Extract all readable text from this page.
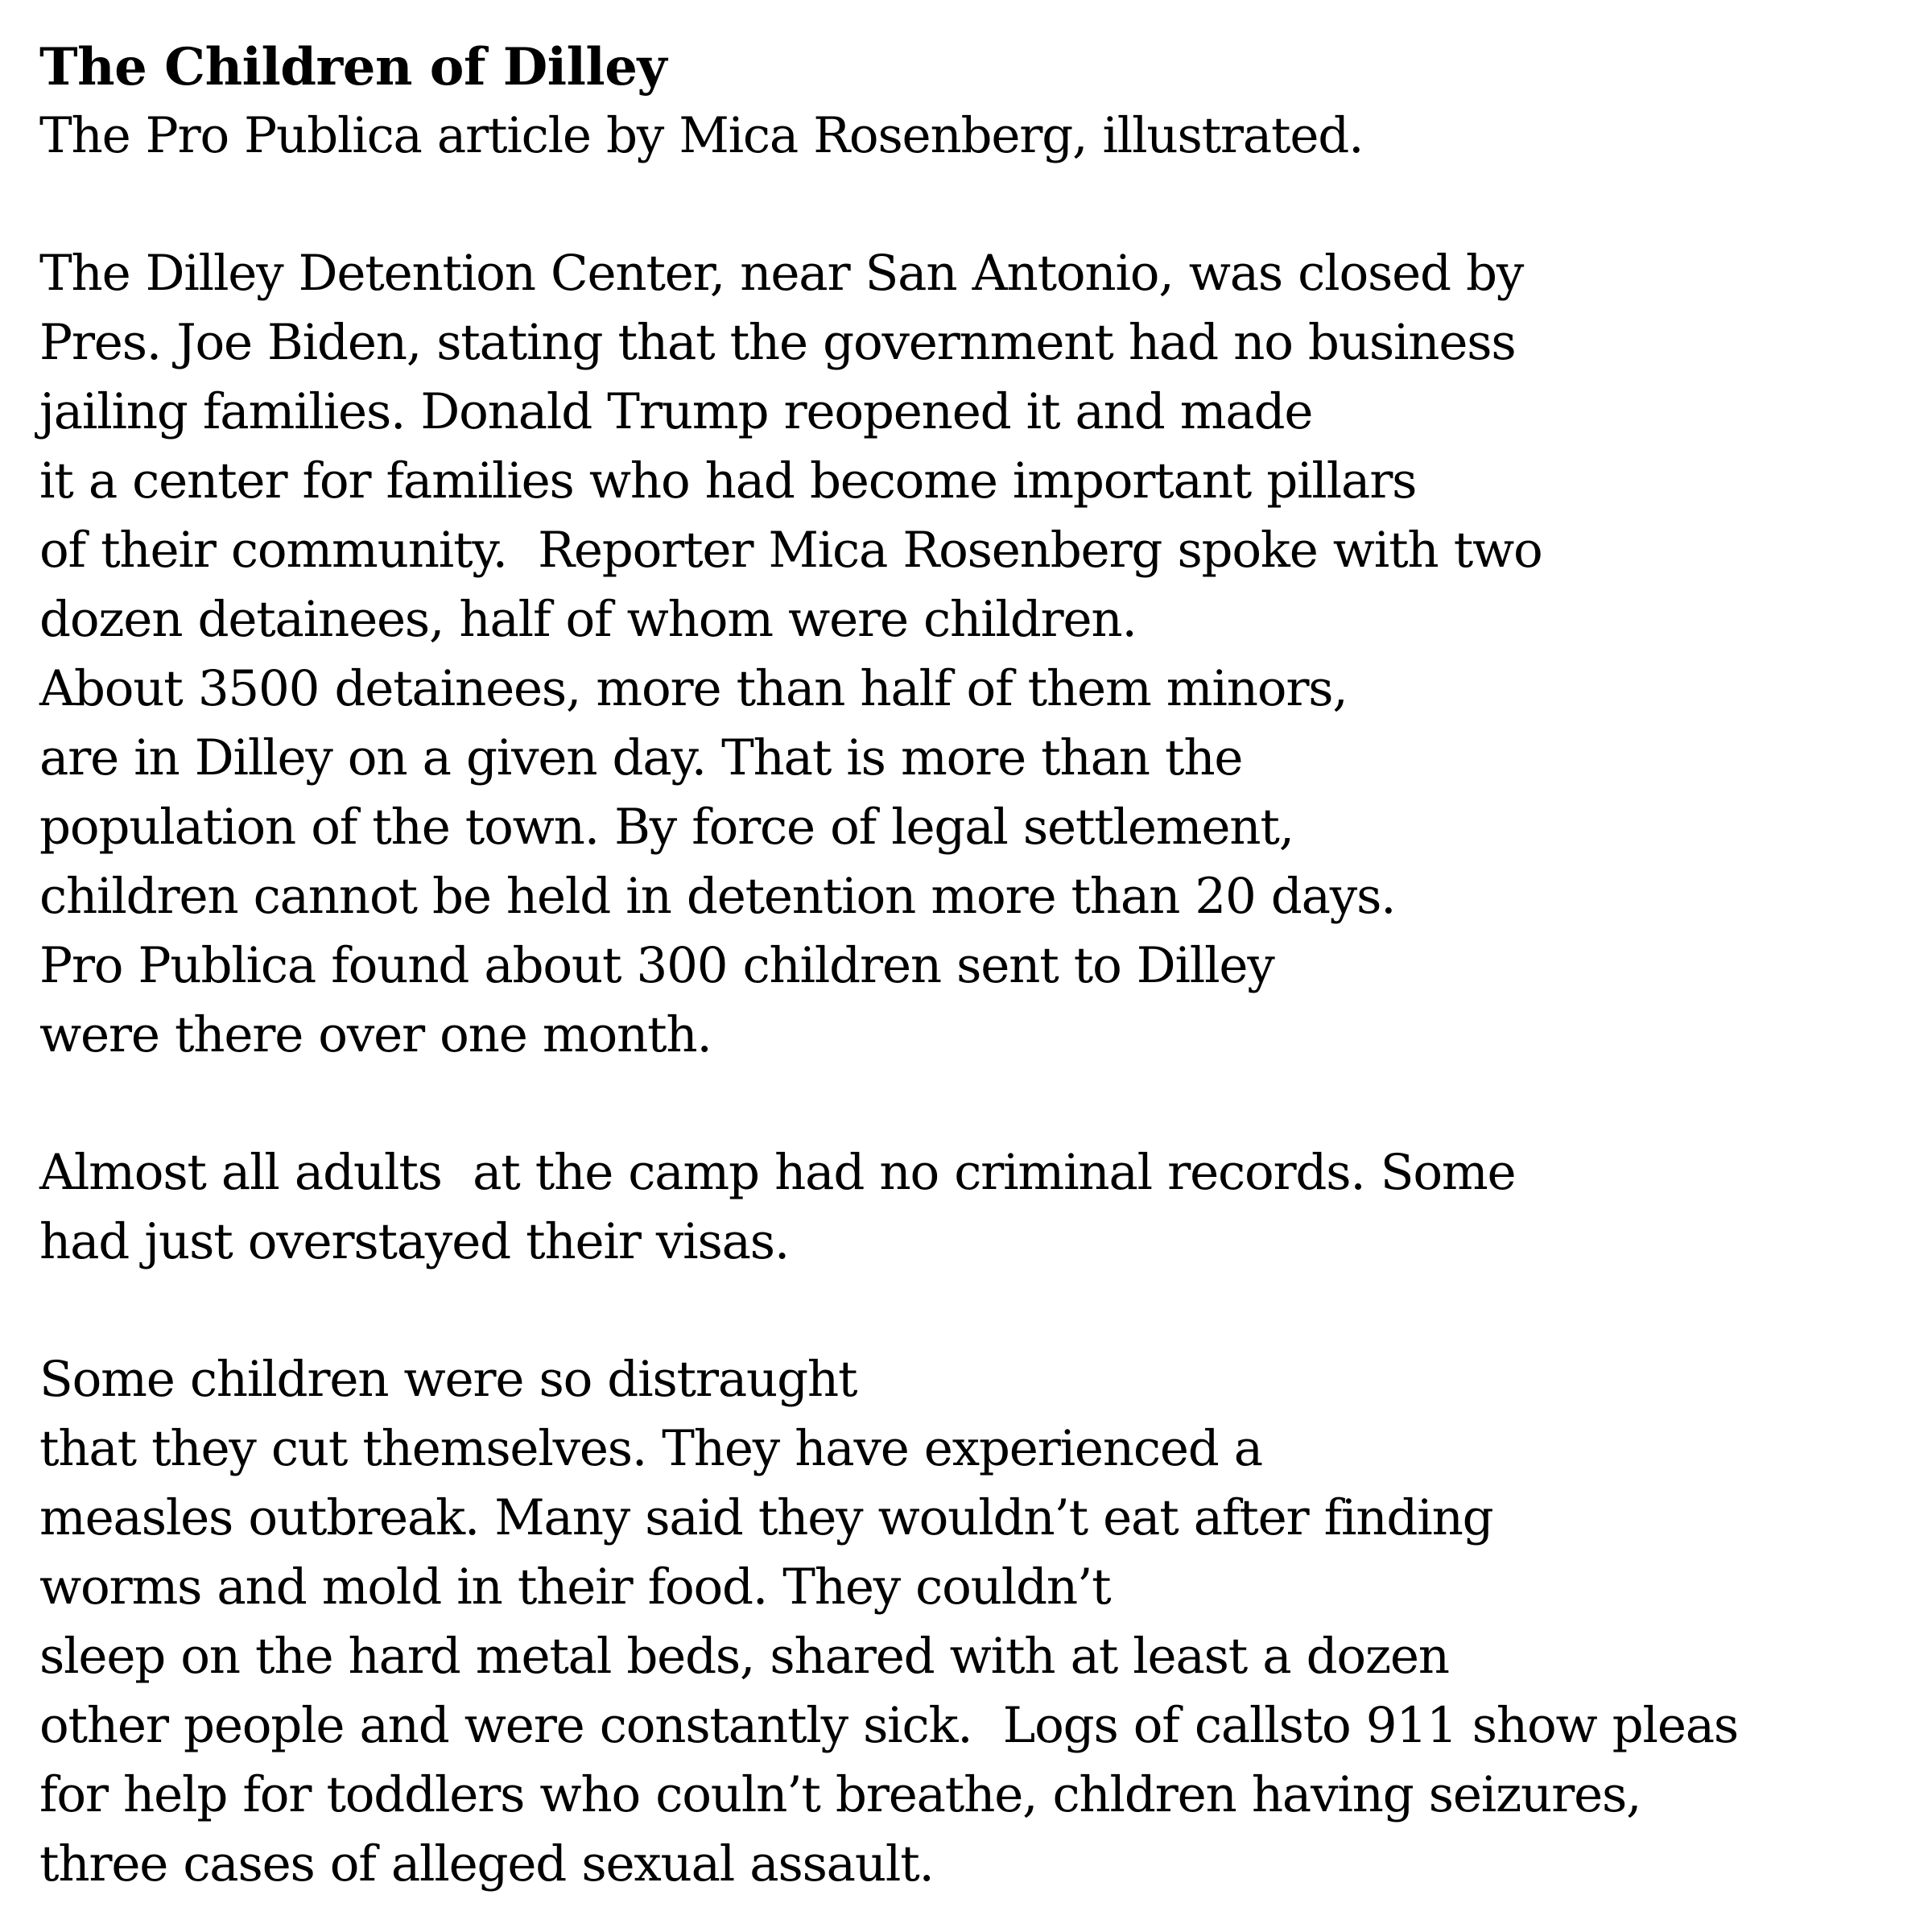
The Children of Dilley

The Pro Publica article by Mica Rosenberg, illustrated.

The Dilley Detention Center, near San Antonio, was closed by

Pres. Joe Biden, stating that the government had no business

jailing families. Donald Trump reopened it and made

it a center for families who had become important pillars

of their community.  Reporter Mica Rosenberg spoke with two

dozen detainees, half of whom were children.

About 3500 detainees, more than half of them minors,

are in Dilley on a given day. That is more than the

population of the town. By force of legal settlement,

children cannot be held in detention more than 20 days.

Pro Publica found about 300 children sent to Dilley

were there over one month.

Almost all adults  at the camp had no criminal records. Some

had just overstayed their visas.

Some children were so distraught

that they cut themselves. They have experienced a

measles outbreak. Many said they wouldn’t eat after finding

worms and mold in their food. They couldn’t

sleep on the hard metal beds, shared with at least a dozen

other people and were constantly sick.  Logs of callsto 911 show pleas

for help for toddlers who couln’t breathe, chldren having seizures,

three cases of alleged sexual assault.
